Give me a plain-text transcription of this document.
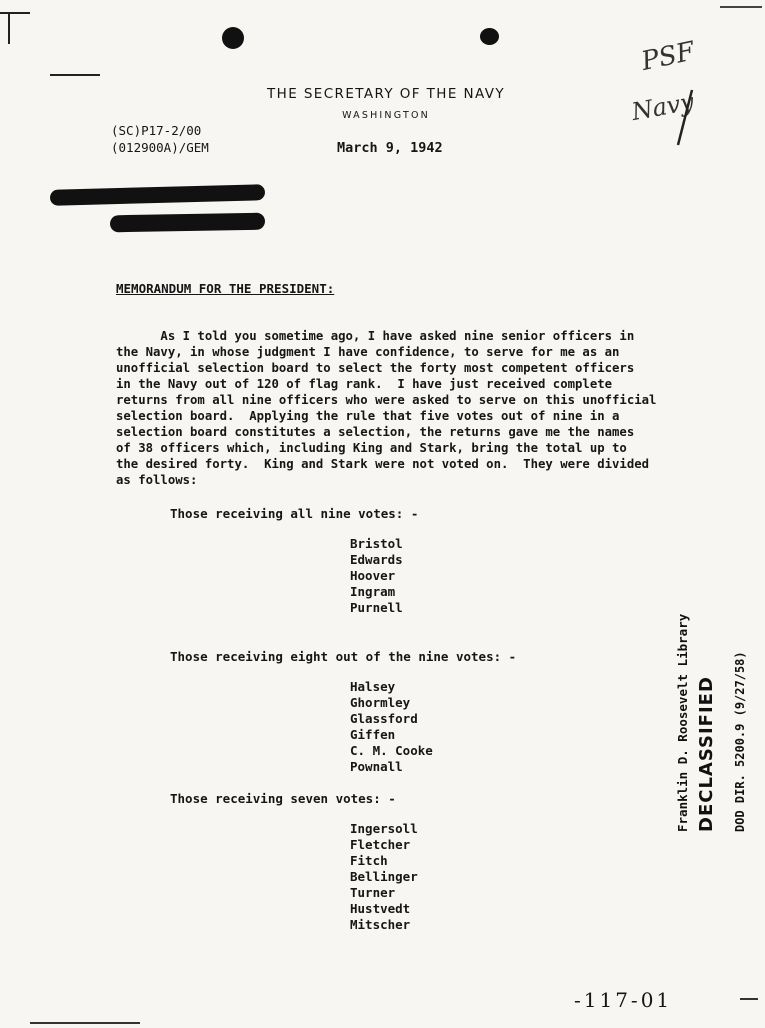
THE SECRETARY OF THE NAVY
WASHINGTON
(SC)P17-2/00
(012900A)/GEM	March 9, 1942
MEMORANDUM FOR THE PRESIDENT:
As I told you sometime ago, I have asked nine senior officers in
the Navy, in whose judgment I have confidence, to serve for me as an
unofficial selection board to select the forty most competent officers
in the Navy out of 120 of flag rank.  I have just received complete
returns from all nine officers who were asked to serve on this unofficial
selection board.  Applying the rule that five votes out of nine in a
selection board constitutes a selection, the returns gave me the names
of 38 officers which, including King and Stark, bring the total up to
the desired forty.  King and Stark were not voted on.  They were divided
as follows:
Those receiving all nine votes: -
Bristol
Edwards
Hoover
Ingram
Purnell
Those receiving eight out of the nine votes: -
Halsey
Ghormley
Glassford
Giffen
C. M. Cooke
Pownall
Those receiving seven votes: -
Ingersoll
Fletcher
Fitch
Bellinger
Turner
Hustvedt
Mitscher
Franklin D. Roosevelt Library DECLASSIFIED DOD DIR. 5200.9 (9/27/58)
PSF
Navy
-117-01
